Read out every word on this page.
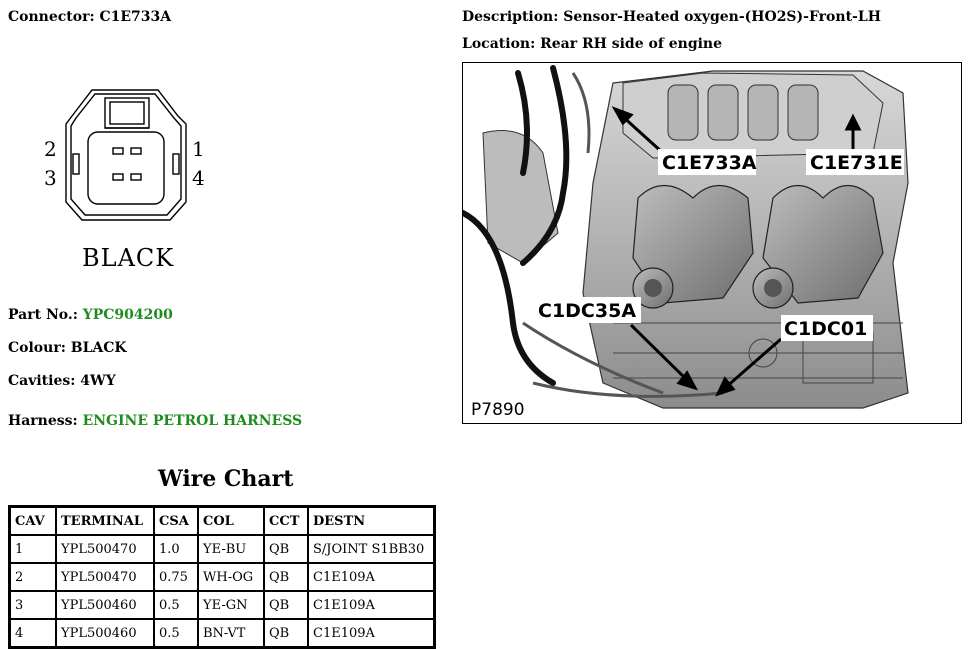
Connector: C1E733A	Description: Sensor-Heated oxygen-(HO2S)-Front-LH
Location: Rear RH side of engine
1
2
3	4
BLACK
Part No.: YPC904200
Colour: BLACK
Cavities: 4WY
Harness: ENGINE PETROL HARNESS
C1E733A	C1E731E
C1DC35A
C1DC01
P7890
Wire Chart
CAV	TERMINAL	CSA	COL	CCT	DESTN
1	YPL500470	1.0	YE-BU	QB	S/JOINT S1BB30
2	YPL500470	0.75	WH-OG	QB	C1E109A
3	YPL500460	0.5	YE-GN	QB	C1E109A
4	YPL500460	0.5	BN-VT	QB	C1E109A
